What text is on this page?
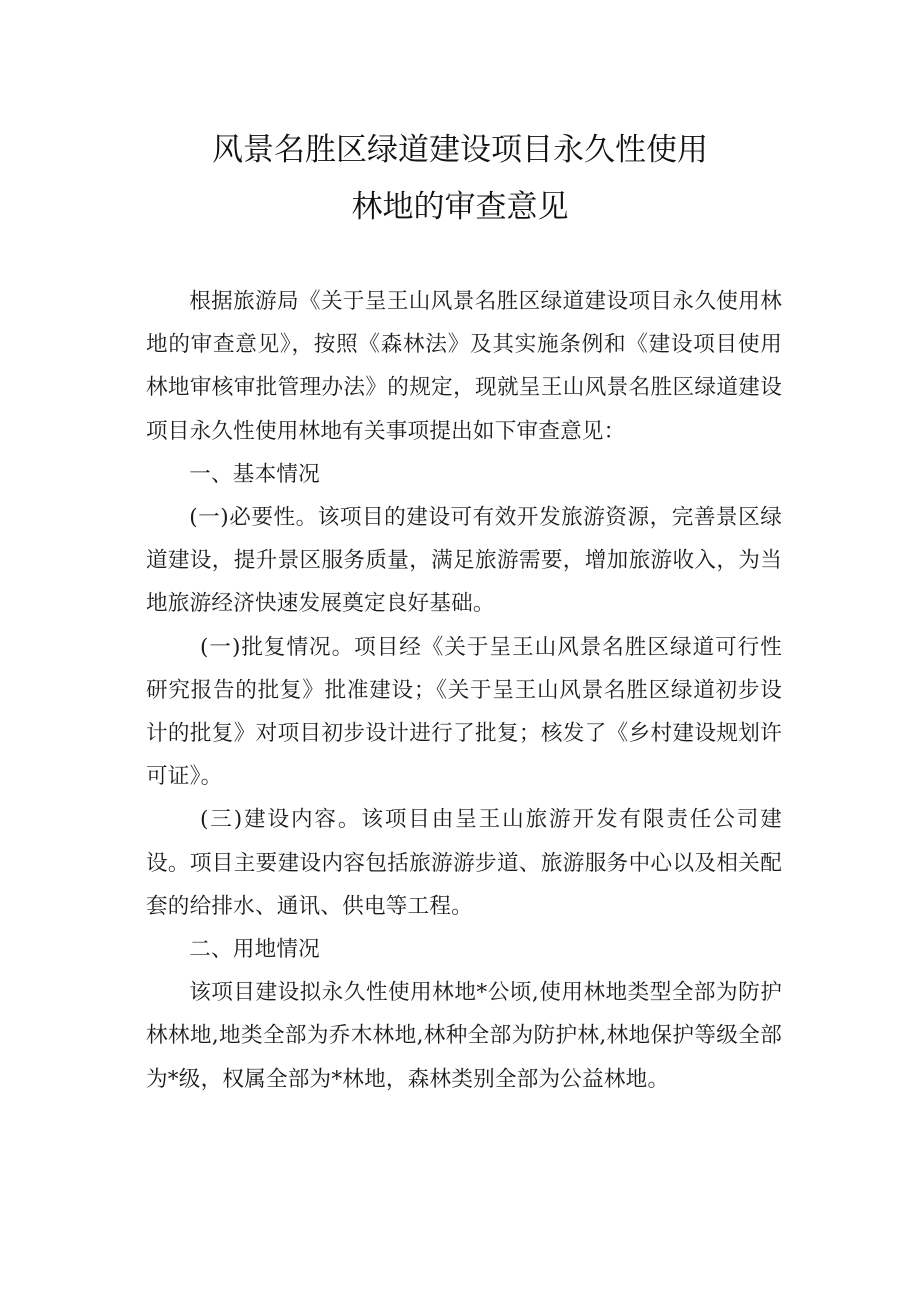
风景名胜区绿道建设项目永久性使用
林地的审查意见

根据旅游局《关于呈王山风景名胜区绿道建设项目永久使用林地的审查意见》，按照《森林法》及其实施条例和《建设项目使用林地审核审批管理办法》的规定，现就呈王山风景名胜区绿道建设项目永久性使用林地有关事项提出如下审查意见：

一、基本情况

(一)必要性。该项目的建设可有效开发旅游资源，完善景区绿道建设，提升景区服务质量，满足旅游需要，增加旅游收入，为当地旅游经济快速发展奠定良好基础。

(一)批复情况。项目经《关于呈王山风景名胜区绿道可行性研究报告的批复》批准建设；《关于呈王山风景名胜区绿道初步设计的批复》对项目初步设计进行了批复；核发了《乡村建设规划许可证》。

(三)建设内容。该项目由呈王山旅游开发有限责任公司建设。项目主要建设内容包括旅游游步道、旅游服务中心以及相关配套的给排水、通讯、供电等工程。

二、用地情况

该项目建设拟永久性使用林地*公顷,使用林地类型全部为防护林林地,地类全部为乔木林地,林种全部为防护林,林地保护等级全部为*级，权属全部为*林地，森林类别全部为公益林地。
